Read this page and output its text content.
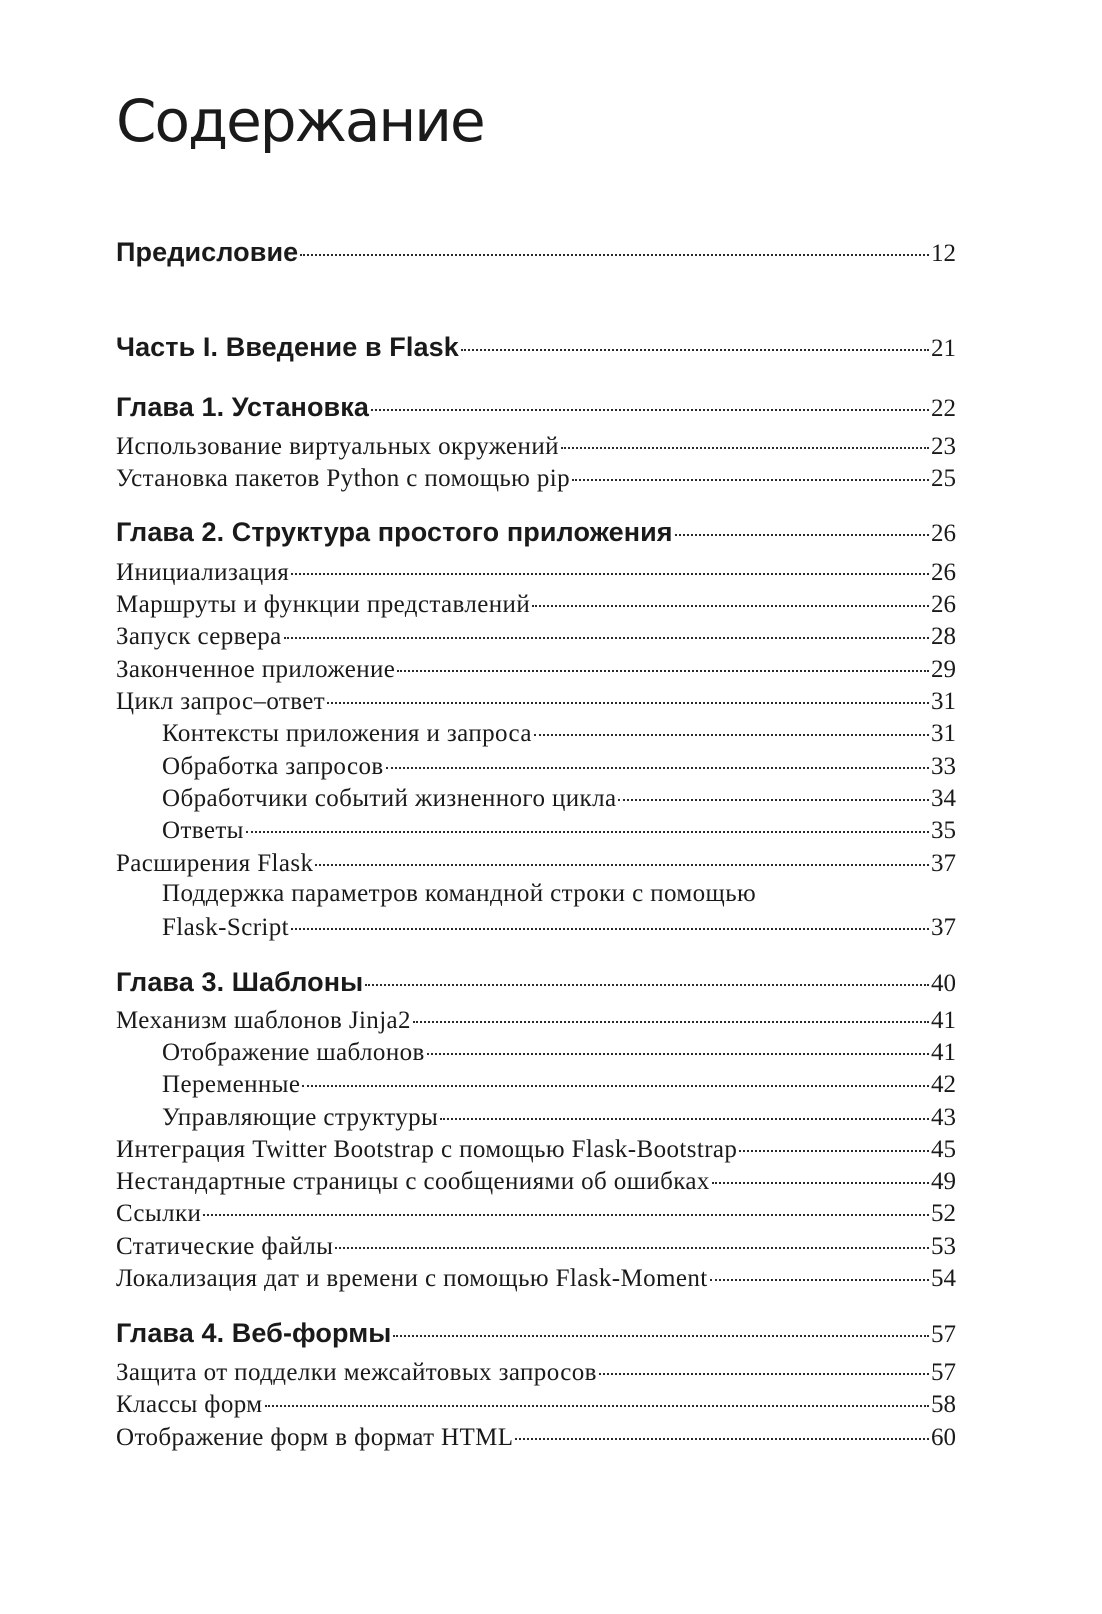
Содержание
Предисловие	12
Часть I. Введение в Flask	21
Глава 1. Установка	22
Использование виртуальных окружений	23
Установка пакетов Python с помощью pip	25
Глава 2. Структура простого приложения	26
Инициализация	26
Маршруты и функции представлений	26
Запуск сервера	28
Законченное приложение	29
Цикл запрос–ответ	31
Контексты приложения и запроса	31
Обработка запросов	33
Обработчики событий жизненного цикла	34
Ответы	35
Расширения Flask	37
Поддержка параметров командной строки с помощью
Flask-Script	37
Глава 3. Шаблоны	40
Механизм шаблонов Jinja2	41
Отображение шаблонов	41
Переменные	42
Управляющие структуры	43
Интеграция Twitter Bootstrap с помощью Flask-Bootstrap	45
Нестандартные страницы с сообщениями об ошибках	49
Ссылки	52
Статические файлы	53
Локализация дат и времени с помощью Flask-Moment	54
Глава 4. Веб-формы	57
Защита от подделки межсайтовых запросов	57
Классы форм	58
Отображение форм в формат HTML	60
